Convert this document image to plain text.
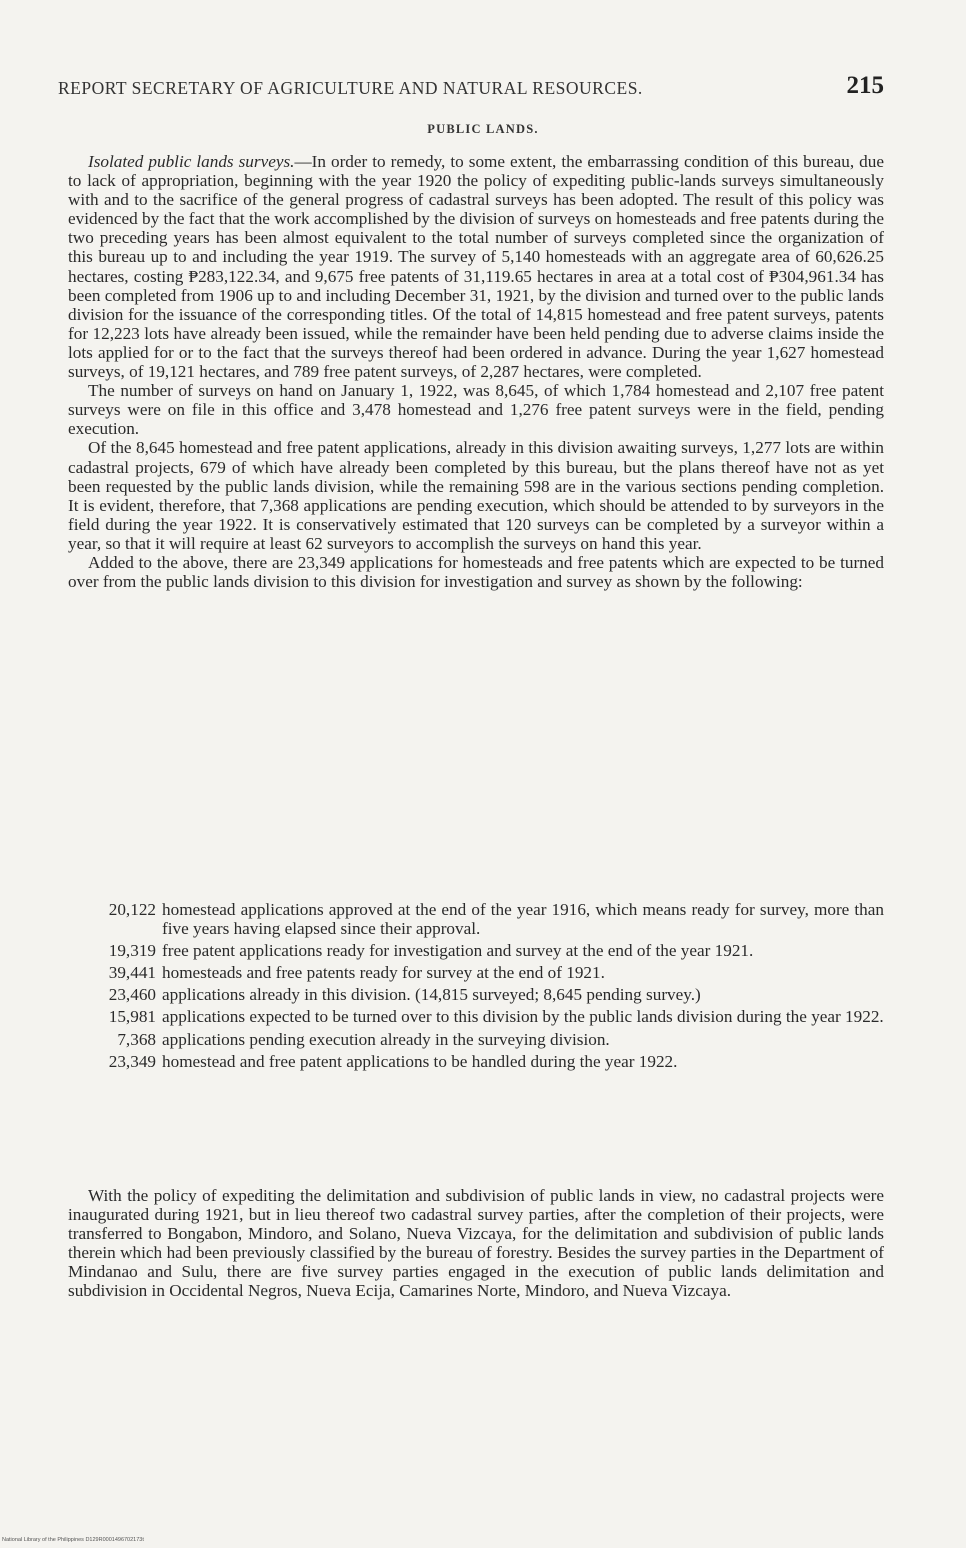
REPORT SECRETARY OF AGRICULTURE AND NATURAL RESOURCES.	215
PUBLIC LANDS.

Isolated public lands surveys.—In order to remedy, to some extent, the embarrassing condition of this bureau, due to lack of appropriation, beginning with the year 1920 the policy of expediting public-lands surveys simultaneously with and to the sacrifice of the general progress of cadastral surveys has been adopted. The result of this policy was evidenced by the fact that the work accomplished by the division of surveys on homesteads and free patents during the two preceding years has been almost equivalent to the total number of surveys completed since the organization of this bureau up to and including the year 1919. The survey of 5,140 homesteads with an aggregate area of 60,626.25 hectares, costing ₱283,122.34, and 9,675 free patents of 31,119.65 hectares in area at a total cost of ₱304,961.34 has been completed from 1906 up to and including December 31, 1921, by the division and turned over to the public lands division for the issuance of the corresponding titles. Of the total of 14,815 homestead and free patent surveys, patents for 12,223 lots have already been issued, while the remainder have been held pending due to adverse claims inside the lots applied for or to the fact that the surveys thereof had been ordered in advance. During the year 1,627 homestead surveys, of 19,121 hectares, and 789 free patent surveys, of 2,287 hectares, were completed.

The number of surveys on hand on January 1, 1922, was 8,645, of which 1,784 homestead and 2,107 free patent surveys were on file in this office and 3,478 homestead and 1,276 free patent surveys were in the field, pending execution.

Of the 8,645 homestead and free patent applications, already in this division awaiting surveys, 1,277 lots are within cadastral projects, 679 of which have already been completed by this bureau, but the plans thereof have not as yet been requested by the public lands division, while the remaining 598 are in the various sections pending completion. It is evident, therefore, that 7,368 applications are pending execution, which should be attended to by surveyors in the field during the year 1922. It is conservatively estimated that 120 surveys can be completed by a surveyor within a year, so that it will require at least 62 surveyors to accomplish the surveys on hand this year.

Added to the above, there are 23,349 applications for homesteads and free patents which are expected to be turned over from the public lands division to this division for investigation and survey as shown by the following:

20,122 homestead applications approved at the end of the year 1916, which means ready for survey, more than five years having elapsed since their approval.
19,319 free patent applications ready for investigation and survey at the end of the year 1921.
39,441 homesteads and free patents ready for survey at the end of 1921.
23,460 applications already in this division. (14,815 surveyed; 8,645 pending survey.)
15,981 applications expected to be turned over to this division by the public lands division during the year 1922.
7,368 applications pending execution already in the surveying division.
23,349 homestead and free patent applications to be handled during the year 1922.

With the policy of expediting the delimitation and subdivision of public lands in view, no cadastral projects were inaugurated during 1921, but in lieu thereof two cadastral survey parties, after the completion of their projects, were transferred to Bongabon, Mindoro, and Solano, Nueva Vizcaya, for the delimitation and subdivision of public lands therein which had been previously classified by the bureau of forestry. Besides the survey parties in the Department of Mindanao and Sulu, there are five survey parties engaged in the execution of public lands delimitation and subdivision in Occidental Negros, Nueva Ecija, Camarines Norte, Mindoro, and Nueva Vizcaya.

National Library of the Philippines D129R0001496702173t
